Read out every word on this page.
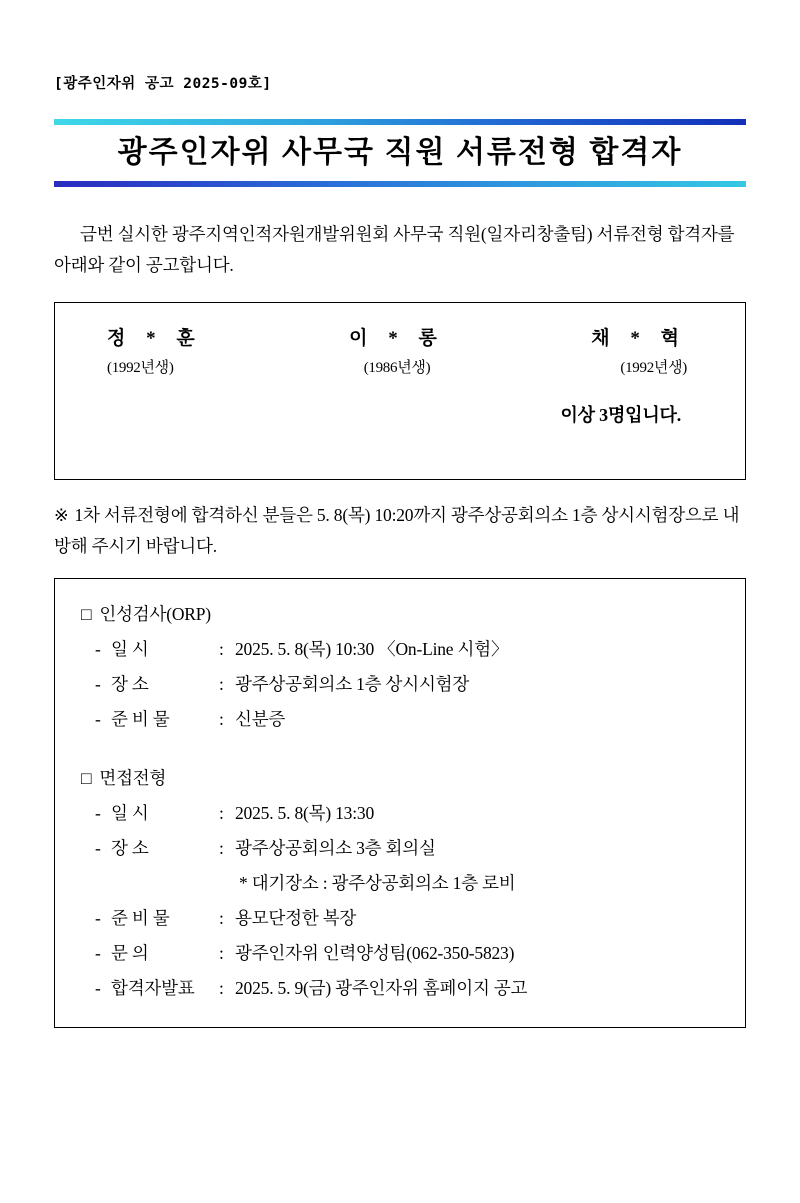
[광주인자위 공고 2025-09호]
광주인자위 사무국 직원 서류전형 합격자
금번 실시한 광주지역인적자원개발위원회 사무국 직원(일자리창출팀) 서류전형 합격자를 아래와 같이 공고합니다.
정 * 훈
(1992년생)
이 * 롱
(1986년생)
채 * 혁
(1992년생)
이상 3명입니다.
※ 1차 서류전형에 합격하신 분들은 5. 8(목) 10:20까지 광주상공회의소 1층 상시시험장으로 내방해 주시기 바랍니다.
□ 인성검사(ORP)
- 일 시	: 2025. 5. 8(목) 10:30 〈On-Line 시험〉
- 장 소	: 광주상공회의소 1층 상시시험장
- 준 비 물	: 신분증
□ 면접전형
- 일 시	: 2025. 5. 8(목) 13:30
- 장 소	: 광주상공회의소 3층 회의실
* 대기장소 : 광주상공회의소 1층 로비
- 준 비 물	: 용모단정한 복장
- 문 의	: 광주인자위 인력양성팀(062-350-5823)
- 합격자발표	: 2025. 5. 9(금) 광주인자위 홈페이지 공고
